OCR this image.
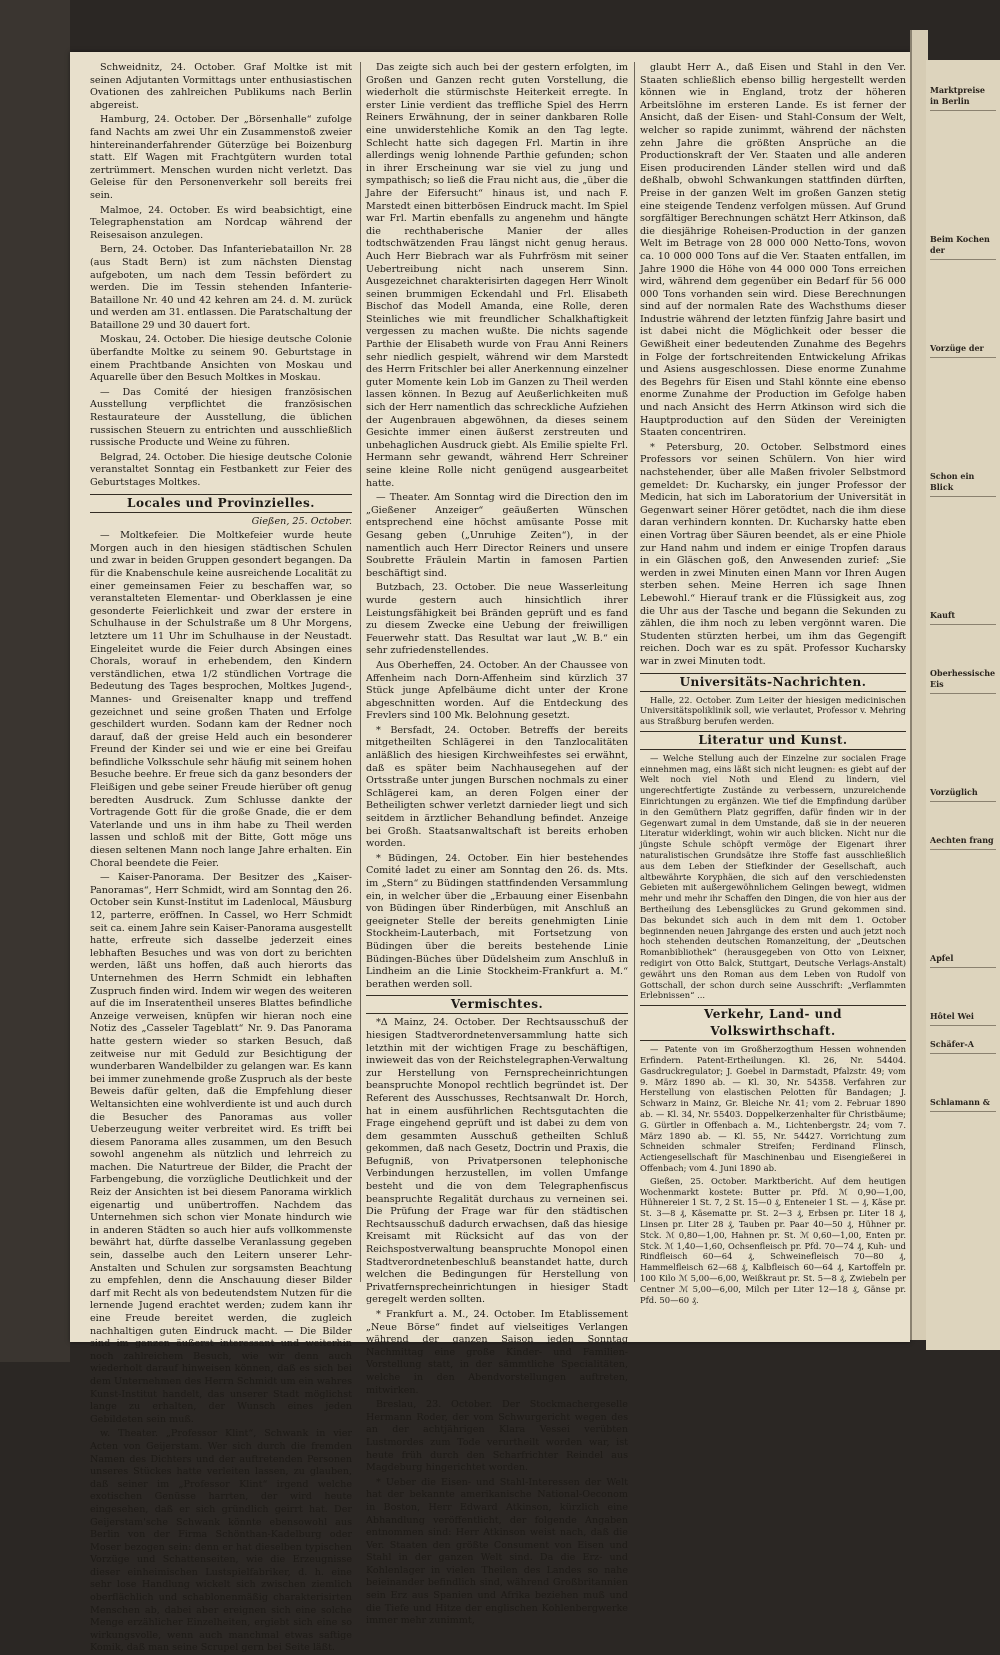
Schweidnitz, 24. October. Graf Moltke ist mit seinen Adjutanten Vormittags unter enthusiastischen Ovationen des zahlreichen Publikums nach Berlin abgereist.

Hamburg, 24. October. Der „Börsenhalle“ zufolge fand Nachts am zwei Uhr ein Zusammenstoß zweier hintereinanderfahrender Güterzüge bei Boizenburg statt. Elf Wagen mit Frachtgütern wurden total zertrümmert. Menschen wurden nicht verletzt. Das Geleise für den Personenverkehr soll bereits frei sein.

Malmoe, 24. October. Es wird beabsichtigt, eine Telegraphenstation am Nordcap während der Reisesaison anzulegen.

Bern, 24. October. Das Infanteriebataillon Nr. 28 (aus Stadt Bern) ist zum nächsten Dienstag aufgeboten, um nach dem Tessin befördert zu werden. Die im Tessin stehenden Infanterie-Bataillone Nr. 40 und 42 kehren am 24. d. M. zurück und werden am 31. entlassen. Die Paratschaltung der Bataillone 29 und 30 dauert fort.

Moskau, 24. October. Die hiesige deutsche Colonie überfandte Moltke zu seinem 90. Geburtstage in einem Prachtbande Ansichten von Moskau und Aquarelle über den Besuch Moltkes in Moskau.

— Das Comité der hiesigen französischen Ausstellung verpflichtet die französischen Restaurateure der Ausstellung, die üblichen russischen Steuern zu entrichten und ausschließlich russische Producte und Weine zu führen.

Belgrad, 24. October. Die hiesige deutsche Colonie veranstaltet Sonntag ein Festbankett zur Feier des Geburtstages Moltkes.

Locales und Provinzielles.
Gießen, 25. October.

— Moltkefeier. Die Moltkefeier wurde heute Morgen auch in den hiesigen städtischen Schulen und zwar in beiden Gruppen gesondert begangen. Da für die Knabenschule keine ausreichende Localität zu einer gemeinsamen Feier zu beschaffen war, so veranstalteten Elementar- und Oberklassen je eine gesonderte Feierlichkeit und zwar der erstere in Schulhause in der Schulstraße um 8 Uhr Morgens, letztere um 11 Uhr im Schulhause in der Neustadt. Eingeleitet wurde die Feier durch Absingen eines Chorals, worauf in erhebendem, den Kindern verständlichen, etwa 1/2 stündlichen Vortrage die Bedeutung des Tages besprochen, Moltkes Jugend-, Mannes- und Greisenalter knapp und treffend gezeichnet und seine großen Thaten und Erfolge geschildert wurden. Sodann kam der Redner noch darauf, daß der greise Held auch ein besonderer Freund der Kinder sei und wie er eine bei Greifau befindliche Volksschule sehr häufig mit seinem hohen Besuche beehre. Er freue sich da ganz besonders der Fleißigen und gebe seiner Freude hierüber oft genug beredten Ausdruck. Zum Schlusse dankte der Vortragende Gott für die große Gnade, die er dem Vaterlande und uns in ihm habe zu Theil werden lassen und schloß mit der Bitte, Gott möge uns diesen seltenen Mann noch lange Jahre erhalten. Ein Choral beendete die Feier.

— Kaiser-Panorama. Der Besitzer des „Kaiser-Panoramas“, Herr Schmidt, wird am Sonntag den 26. October sein Kunst-Institut im Ladenlocal, Mäusburg 12, parterre, eröffnen. In Cassel, wo Herr Schmidt seit ca. einem Jahre sein Kaiser-Panorama ausgestellt hatte, erfreute sich dasselbe jederzeit eines lebhaften Besuches und was von dort zu berichten werden, läßt uns hoffen, daß auch hierorts das Unternehmen des Herrn Schmidt ein lebhaften Zuspruch finden wird. Indem wir wegen des weiteren auf die im Inseratentheil unseres Blattes befindliche Anzeige verweisen, knüpfen wir hieran noch eine Notiz des „Casseler Tageblatt“ Nr. 9. Das Panorama hatte gestern wieder so starken Besuch, daß zeitweise nur mit Geduld zur Besichtigung der wunderbaren Wandelbilder zu gelangen war. Es kann bei immer zunehmende große Zuspruch als der beste Beweis dafür gelten, daß die Empfehlung dieser Weltansichten eine wohlverdiente ist und auch durch die Besucher des Panoramas aus voller Ueberzeugung weiter verbreitet wird. Es trifft bei diesem Panorama alles zusammen, um den Besuch sowohl angenehm als nützlich und lehrreich zu machen. Die Naturtreue der Bilder, die Pracht der Farbengebung, die vorzügliche Deutlichkeit und der Reiz der Ansichten ist bei diesem Panorama wirklich eigenartig und unübertroffen. Nachdem das Unternehmen sich schon vier Monate hindurch wie in anderen Städten so auch hier aufs vollkommenste bewährt hat, dürfte dasselbe Veranlassung gegeben sein, dasselbe auch den Leitern unserer Lehr-Anstalten und Schulen zur sorgsamsten Beachtung zu empfehlen, denn die Anschauung dieser Bilder darf mit Recht als von bedeutendstem Nutzen für die lernende Jugend erachtet werden; zudem kann ihr eine Freude bereitet werden, die zugleich nachhaltigen guten Eindruck macht. — Die Bilder sind im ganzen äußerst interessant und weiterhin noch zahlreichem Besuch, wie wir denn auch wiederholt darauf hinweisen können, daß es sich bei dem Unternehmen des Herrn Schmidt um ein wahres Kunst-Institut handelt, das unserer Stadt möglichst lange zu erhalten, der Wunsch eines jeden Gebildeten sein muß.

w. Theater. „Professor Klint“, Schwank in vier Acten von Geijerstam. Wer sich durch die fremden Namen des Dichters und der auftretenden Personen unseres Stückes hatte verleiten lassen, zu glauben, daß seiner im „Professor Klint“ irgend welche exotischen Genüsse harrten, der wird heute eingesehen, daß er sich gründlich geirrt hat. Der Geijerstam'sche Schwank könnte ebensowohl aus Berlin von der Firma Schönthan-Kadelburg oder Moser bezogen sein: denn er hat dieselben typischen Vorzüge und Schattenseiten, wie die Erzeugnisse dieser einheimischen Lustspielfabriker, d. h. eine sehr lose Handlung wickelt sich zwischen ziemlich oberflächlich und schablonenmäßig charakterisirten Menschen ab, dabei aber ereignen sich eine solche Menge erzählicher Einzelheiten, ergiebt sich eine so wirkungsvolle, wenn auch manchmal etwas saftige Komik, daß man seine Scrupel gern bei Seite läßt.

Das zeigte sich auch bei der gestern erfolgten, im Großen und Ganzen recht guten Vorstellung, die wiederholt die stürmischste Heiterkeit erregte. In erster Linie verdient das treffliche Spiel des Herrn Reiners Erwähnung, der in seiner dankbaren Rolle eine unwiderstehliche Komik an den Tag legte. Schlecht hatte sich dagegen Frl. Martin in ihre allerdings wenig lohnende Parthie gefunden; schon in ihrer Erscheinung war sie viel zu jung und sympathisch; so ließ die Frau nicht aus, die „über die Jahre der Eifersucht“ hinaus ist, und nach F. Marstedt einen bitterbösen Eindruck macht. Im Spiel war Frl. Martin ebenfalls zu angenehm und hängte die rechthaberische Manier der alles todtschwätzenden Frau längst nicht genug heraus. Auch Herr Biebrach war als Fuhrfrösm mit seiner Uebertreibung nicht nach unserem Sinn. Ausgezeichnet charakterisirten dagegen Herr Winolt seinen brummigen Eckendahl und Frl. Elisabeth Bischof das Modell Amanda, eine Rolle, deren Steinliches wie mit freundlicher Schalkhaftigkeit vergessen zu machen wußte. Die nichts sagende Parthie der Elisabeth wurde von Frau Anni Reiners sehr niedlich gespielt, während wir dem Marstedt des Herrn Fritschler bei aller Anerkennung einzelner guter Momente kein Lob im Ganzen zu Theil werden lassen können. In Bezug auf Aeußerlichkeiten muß sich der Herr namentlich das schreckliche Aufziehen der Augenbrauen abgewöhnen, da dieses seinem Gesichte immer einen äußerst zerstreuten und unbehaglichen Ausdruck giebt. Als Emilie spielte Frl. Hermann sehr gewandt, während Herr Schreiner seine kleine Rolle nicht genügend ausgearbeitet hatte.

— Theater. Am Sonntag wird die Direction den im „Gießener Anzeiger“ geäußerten Wünschen entsprechend eine höchst amüsante Posse mit Gesang geben („Unruhige Zeiten“), in der namentlich auch Herr Director Reiners und unsere Soubrette Fräulein Martin in famosen Partien beschäftigt sind.

Butzbach, 23. October. Die neue Wasserleitung wurde gestern auch hinsichtlich ihrer Leistungsfähigkeit bei Bränden geprüft und es fand zu diesem Zwecke eine Uebung der freiwilligen Feuerwehr statt. Das Resultat war laut „W. B.“ ein sehr zufriedenstellendes.

Aus Oberheffen, 24. October. An der Chaussee von Affenheim nach Dorn-Affenheim sind kürzlich 37 Stück junge Apfelbäume dicht unter der Krone abgeschnitten worden. Auf die Entdeckung des Frevlers sind 100 Mk. Belohnung gesetzt.

* Bersfadt, 24. October. Betreffs der bereits mitgetheilten Schlägerei in den Tanzlocalitäten anläßlich des hiesigen Kirchweihfestes sei erwähnt, daß es später beim Nachhausegehen auf der Ortsstraße unter jungen Burschen nochmals zu einer Schlägerei kam, an deren Folgen einer der Betheiligten schwer verletzt darnieder liegt und sich seitdem in ärztlicher Behandlung befindet. Anzeige bei Großh. Staatsanwaltschaft ist bereits erhoben worden.

* Büdingen, 24. October. Ein hier bestehendes Comité ladet zu einer am Sonntag den 26. ds. Mts. im „Stern“ zu Büdingen stattfindenden Versammlung ein, in welcher über die „Erbauung einer Eisenbahn von Büdingen über Rinderbügen, mit Anschluß an geeigneter Stelle der bereits genehmigten Linie Stockheim-Lauterbach, mit Fortsetzung von Büdingen über die bereits bestehende Linie Büdingen-Büches über Düdelsheim zum Anschluß in Lindheim an die Linie Stockheim-Frankfurt a. M.“ berathen werden soll.

Vermischtes.

*Δ Mainz, 24. October. Der Rechtsausschuß der hiesigen Stadtverordnetenversammlung hatte sich letzthin mit der wichtigen Frage zu beschäftigen, inwieweit das von der Reichstelegraphen-Verwaltung zur Herstellung von Fernsprecheinrichtungen beanspruchte Monopol rechtlich begründet ist. Der Referent des Ausschusses, Rechtsanwalt Dr. Horch, hat in einem ausführlichen Rechtsgutachten die Frage eingehend geprüft und ist dabei zu dem von dem gesammten Ausschuß getheilten Schluß gekommen, daß nach Gesetz, Doctrin und Praxis, die Befugniß, von Privatpersonen telephonische Verbindungen herzustellen, im vollen Umfange besteht und die von dem Telegraphenfiscus beanspruchte Regalität durchaus zu verneinen sei. Die Prüfung der Frage war für den städtischen Rechtsausschuß dadurch erwachsen, daß das hiesige Kreisamt mit Rücksicht auf das von der Reichspostverwaltung beanspruchte Monopol einen Stadtverordnetenbeschluß beanstandet hatte, durch welchen die Bedingungen für Herstellung von Privatfernsprecheinrichtungen in hiesiger Stadt geregelt werden sollten.

* Frankfurt a. M., 24. October. Im Etablissement „Neue Börse“ findet auf vielseitiges Verlangen während der ganzen Saison jeden Sonntag Nachmittag eine große Kinder- und Familien-Vorstellung statt, in der sämmtliche Specialitäten, welche in den Abendvorstellungen auftreten, mitwirken.

Breslau, 23. October. Der Stockmachergeselle Hermann Roder, der vom Schwurgericht wegen des an der achtjährigen Klara Vessei verübten Lustmordes zum Tode verurtheilt worden war, ist heute früh durch den Scharfrichter Reindel aus Magdeburg hingerichtet worden.

* Ueber die Eisen- und Stahl-Interessen der Welt hat der bekannte amerikanische National-Oeconom in Boston, Herr Edward Atkinson, kürzlich eine Abhandlung veröffentlicht, der folgende Angaben entnommen sind: Herr Atkinson weist nach, daß die Ver. Staaten den größte Consument von Eisen und Stahl in der ganzen Welt sind. Da die Erz- und Kohlenlager in vielen Theilen des Landes so nahe beieinander befindlich sind, während Großbritannien sein Erz aus Spanien und Afrika beziehen muß und die Tiefe und Hitze der englischen Kohlenbergwerke immer mehr zunimmt,

glaubt Herr A., daß Eisen und Stahl in den Ver. Staaten schließlich ebenso billig hergestellt werden können wie in England, trotz der höheren Arbeitslöhne im ersteren Lande. Es ist ferner der Ansicht, daß der Eisen- und Stahl-Consum der Welt, welcher so rapide zunimmt, während der nächsten zehn Jahre die größten Ansprüche an die Productionskraft der Ver. Staaten und alle anderen Eisen producirenden Länder stellen wird und daß deßhalb, obwohl Schwankungen stattfinden dürften, Preise in der ganzen Welt im großen Ganzen stetig eine steigende Tendenz verfolgen müssen. Auf Grund sorgfältiger Berechnungen schätzt Herr Atkinson, daß die diesjährige Roheisen-Production in der ganzen Welt im Betrage von 28 000 000 Netto-Tons, wovon ca. 10 000 000 Tons auf die Ver. Staaten entfallen, im Jahre 1900 die Höhe von 44 000 000 Tons erreichen wird, während dem gegenüber ein Bedarf für 56 000 000 Tons vorhanden sein wird. Diese Berechnungen sind auf der normalen Rate des Wachsthums dieser Industrie während der letzten fünfzig Jahre basirt und ist dabei nicht die Möglichkeit oder besser die Gewißheit einer bedeutenden Zunahme des Begehrs in Folge der fortschreitenden Entwickelung Afrikas und Asiens ausgeschlossen. Diese enorme Zunahme des Begehrs für Eisen und Stahl könnte eine ebenso enorme Zunahme der Production im Gefolge haben und nach Ansicht des Herrn Atkinson wird sich die Hauptproduction auf den Süden der Vereinigten Staaten concentriren.

* Petersburg, 20. October. Selbstmord eines Professors vor seinen Schülern. Von hier wird nachstehender, über alle Maßen frivoler Selbstmord gemeldet: Dr. Kucharsky, ein junger Professor der Medicin, hat sich im Laboratorium der Universität in Gegenwart seiner Hörer getödtet, nach die ihm diese daran verhindern konnten. Dr. Kucharsky hatte eben einen Vortrag über Säuren beendet, als er eine Phiole zur Hand nahm und indem er einige Tropfen daraus in ein Gläschen goß, den Anwesenden zurief: „Sie werden in zwei Minuten einen Mann vor Ihren Augen sterben sehen. Meine Herren ich sage Ihnen Lebewohl.“ Hierauf trank er die Flüssigkeit aus, zog die Uhr aus der Tasche und begann die Sekunden zu zählen, die ihm noch zu leben vergönnt waren. Die Studenten stürzten herbei, um ihm das Gegengift reichen. Doch war es zu spät. Professor Kucharsky war in zwei Minuten todt.

Universitäts-Nachrichten.

Halle, 22. October. Zum Leiter der hiesigen medicinischen Universitätspoliklinik soll, wie verlautet, Professor v. Mehring aus Straßburg berufen werden.

Literatur und Kunst.

— Welche Stellung auch der Einzelne zur socialen Frage einnehmen mag, eins läßt sich nicht leugnen: es giebt auf der Welt noch viel Noth und Elend zu lindern, viel ungerechtfertigte Zustände zu verbessern, unzureichende Einrichtungen zu ergänzen. Wie tief die Empfindung darüber in den Gemüthern Platz gegriffen, dafür finden wir in der Gegenwart zumal in dem Umstande, daß sie in der neueren Literatur widerklingt, wohin wir auch blicken. Nicht nur die jüngste Schule schöpft vermöge der Eigenart ihrer naturalistischen Grundsätze ihre Stoffe fast ausschließlich aus dem Leben der Stiefkinder der Gesellschaft, auch altbewährte Koryphäen, die sich auf den verschiedensten Gebieten mit außergewöhnlichem Gelingen bewegt, widmen mehr und mehr ihr Schaffen den Dingen, die von hier aus der Bertheilung des Lebensglückes zu Grund gekommen sind. Das bekundet sich auch in dem mit dem 1. October beginnenden neuen Jahrgange des ersten und auch jetzt noch hoch stehenden deutschen Romanzeitung, der „Deutschen Romanbibliothek“ (herausgegeben von Otto von Leixner, redigirt von Otto Balck, Stuttgart, Deutsche Verlags-Anstalt) gewährt uns den Roman aus dem Leben von Rudolf von Gottschall, der schon durch seine Ausschrift: „Verflammten Erlebnissen“ ...

Verkehr, Land- und Volkswirthschaft.

— Patente von im Großherzogthum Hessen wohnenden Erfindern. Patent-Ertheilungen. Kl. 26, Nr. 54404. Gasdruckregulator; J. Goebel in Darmstadt, Pfalzstr. 49; vom 9. März 1890 ab. — Kl. 30, Nr. 54358. Verfahren zur Herstellung von elastischen Pelotten für Bandagen; J. Schwarz in Mainz, Gr. Bleiche Nr. 41; vom 2. Februar 1890 ab. — Kl. 34, Nr. 55403. Doppelkerzenhalter für Christbäume; G. Gürtler in Offenbach a. M., Lichtenbergstr. 24; vom 7. März 1890 ab. — Kl. 55, Nr. 54427. Vorrichtung zum Schneiden schmaler Streifen; Ferdinand Flinsch, Actiengesellschaft für Maschinenbau und Eisengießerei in Offenbach; vom 4. Juni 1890 ab.

Gießen, 25. October. Marktbericht. Auf dem heutigen Wochenmarkt kostete: Butter pr. Pfd. ℳ 0,90—1,00, Hühnereier 1 St. 7, 2 St. 15—0 ₰, Enteneier 1 St. — ₰, Käse pr. St. 3—8 ₰, Käsematte pr. St. 2—3 ₰, Erbsen pr. Liter 18 ₰, Linsen pr. Liter 28 ₰, Tauben pr. Paar 40—50 ₰, Hühner pr. Stck. ℳ 0,80—1,00, Hahnen pr. St. ℳ 0,60—1,00, Enten pr. Stck. ℳ 1,40—1,60, Ochsenfleisch pr. Pfd. 70—74 ₰, Kuh- und Rindfleisch 60—64 ₰, Schweinefleisch 70—80 ₰, Hammelfleisch 62—68 ₰, Kalbfleisch 60—64 ₰, Kartoffeln pr. 100 Kilo ℳ 5,00—6,00, Weißkraut pr. St. 5—8 ₰, Zwiebeln per Centner ℳ 5,00—6,00, Milch per Liter 12—18 ₰, Gänse pr. Pfd. 50—60 ₰.

Marktpreise in Berlin
Beim Kochen der
Vorzüge der
Schon ein Blick
Kauft
Oberhessische Eis
Vorzüglich
Aechten frang
Apfel
Hôtel Wei
Schäfer-A
Schlamann &
